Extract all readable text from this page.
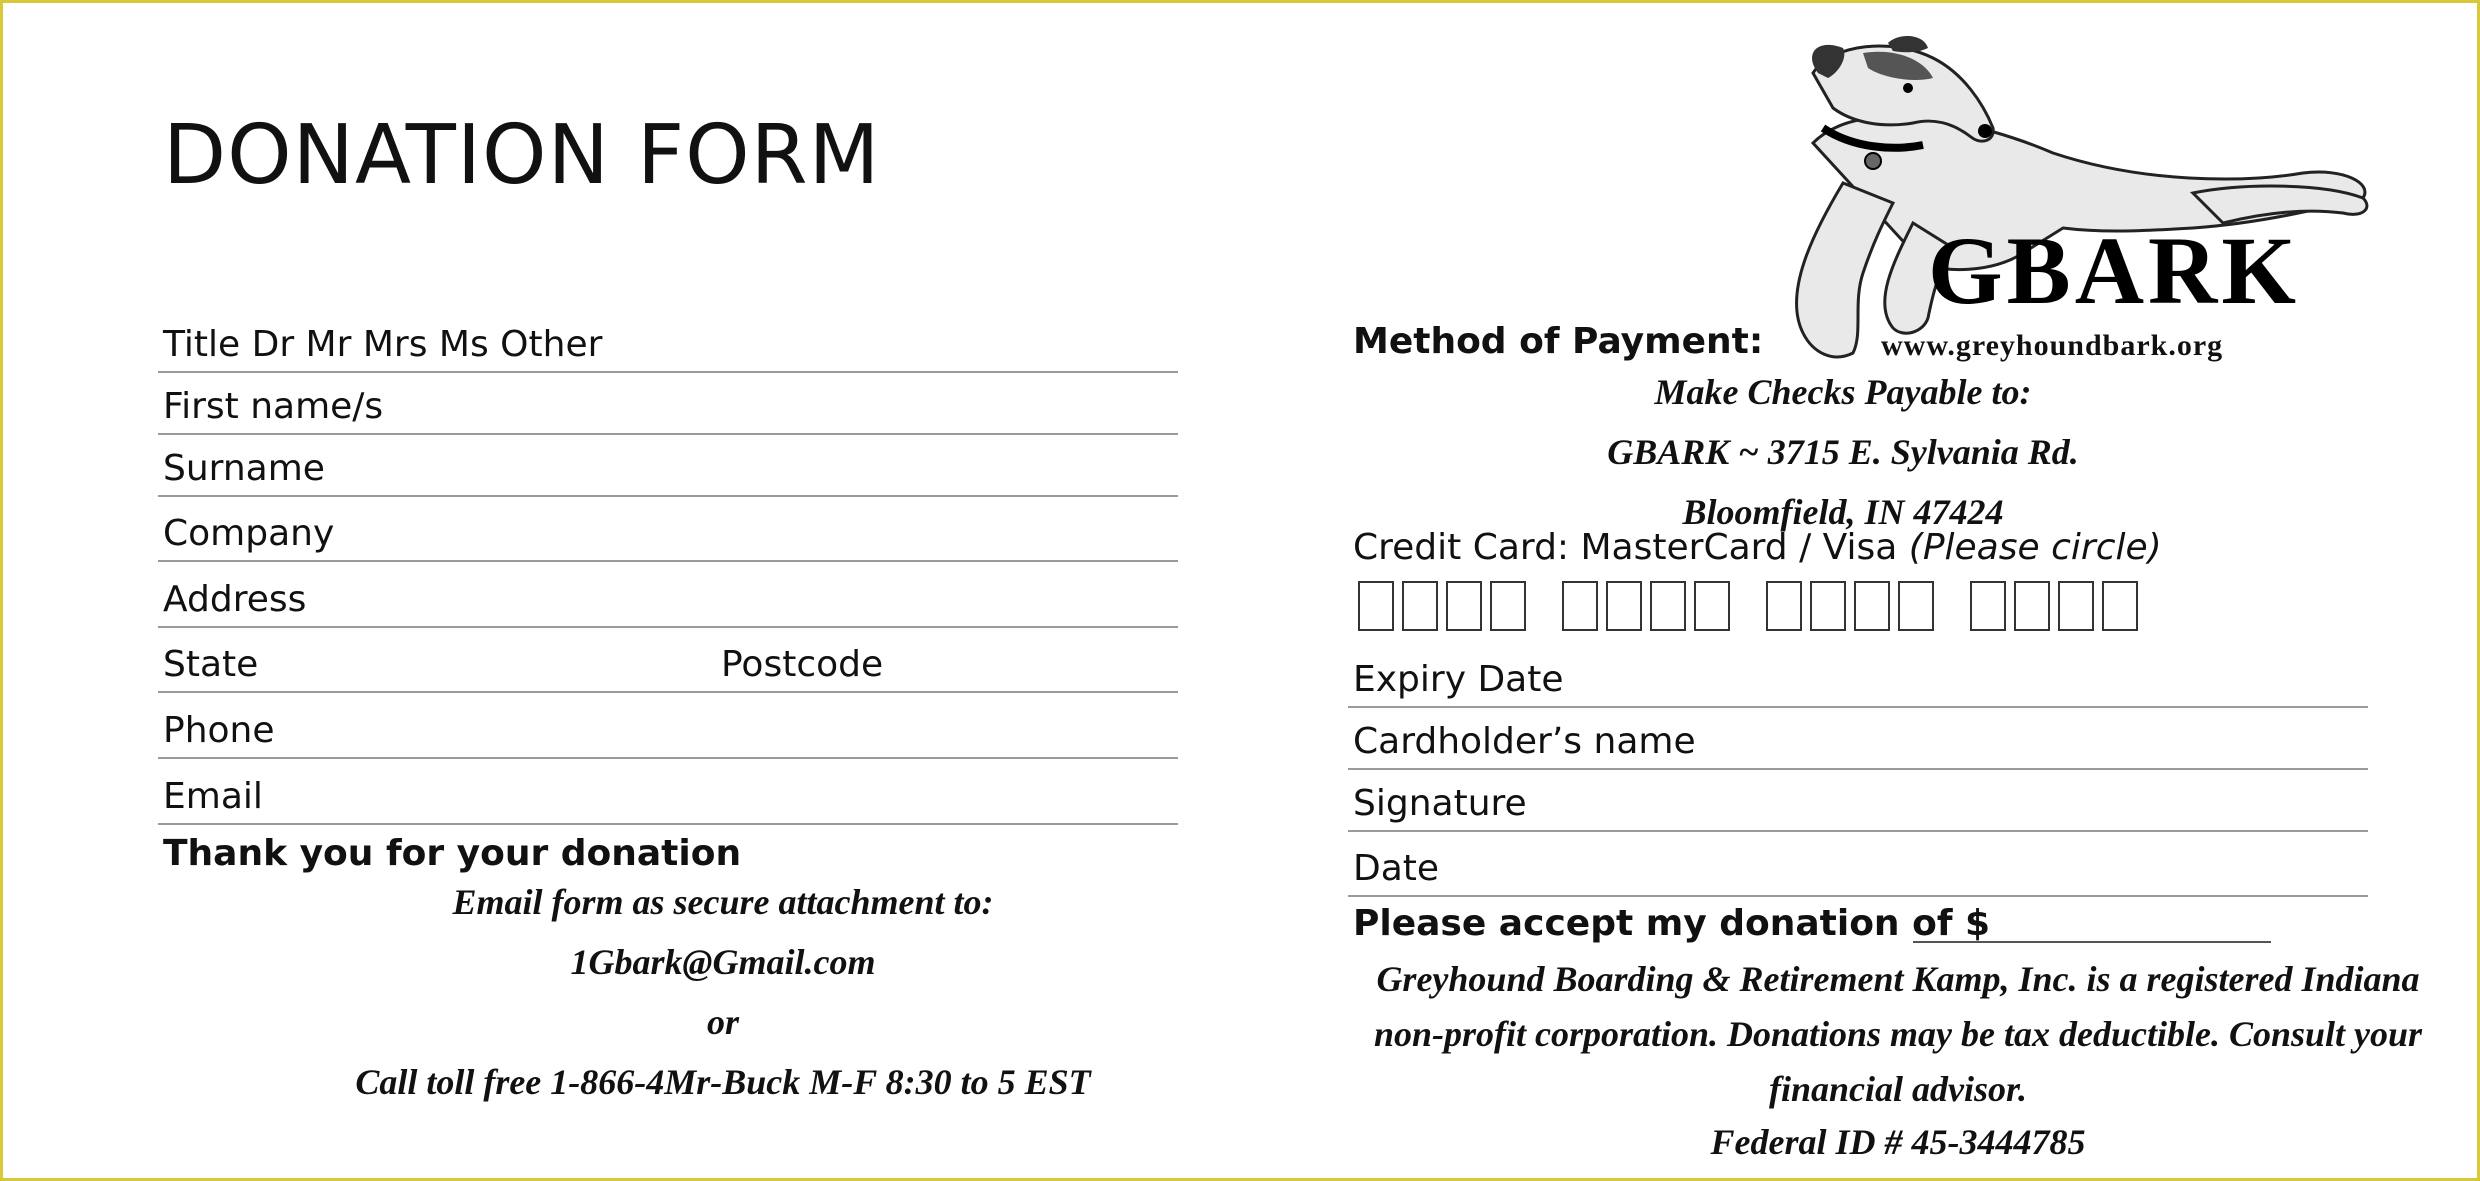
DONATION FORM
Title Dr Mr Mrs Ms Other
First name/s
Surname
Company
Address
State	Postcode
Phone
Email
Thank you for your donation
Email form as secure attachment to:
1Gbark@Gmail.com
or
Call toll free 1-866-4Mr-Buck M-F 8:30 to 5 EST
GBARK
www.greyhoundbark.org
Method of Payment:
Make Checks Payable to:
GBARK ~ 3715 E. Sylvania Rd.
Bloomfield, IN 47424
Credit Card: MasterCard / Visa (Please circle)
Expiry Date
Cardholder’s name
Signature
Date
Please accept my donation of $
Greyhound Boarding & Retirement Kamp, Inc. is a registered Indiana
non-profit corporation. Donations may be tax deductible. Consult your
financial advisor.
Federal ID # 45-3444785
